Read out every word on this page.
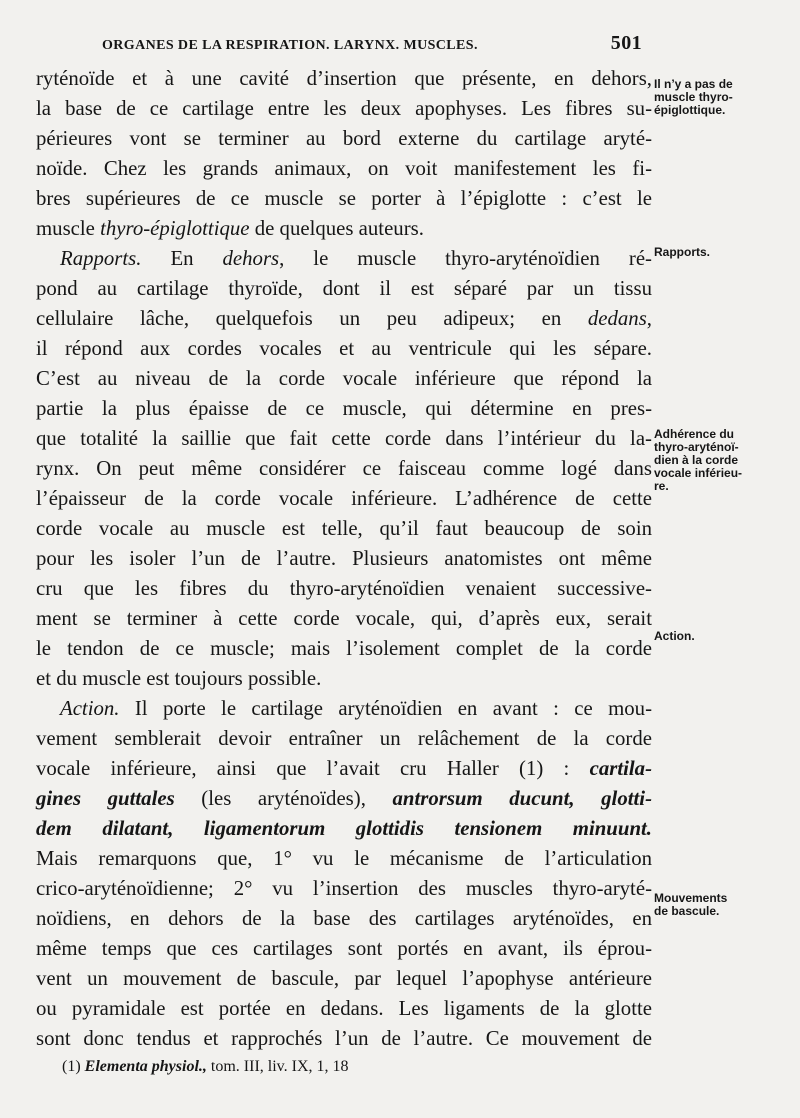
ORGANES DE LA RESPIRATION. LARYNX. MUSCLES.	501
ryténoïde et à une cavité d’insertion que présente, en dehors,
la base de ce cartilage entre les deux apophyses. Les fibres su-
périeures vont se terminer au bord externe du cartilage aryté-
noïde. Chez les grands animaux, on voit manifestement les fi-
bres supérieures de ce muscle se porter à l’épiglotte : c’est le
muscle thyro-épiglottique de quelques auteurs.
Rapports. En dehors, le muscle thyro-aryténoïdien ré-
pond au cartilage thyroïde, dont il est séparé par un tissu
cellulaire lâche, quelquefois un peu adipeux; en dedans,
il répond aux cordes vocales et au ventricule qui les sépare.
C’est au niveau de la corde vocale inférieure que répond la
partie la plus épaisse de ce muscle, qui détermine en pres-
que totalité la saillie que fait cette corde dans l’intérieur du la-
rynx. On peut même considérer ce faisceau comme logé dans
l’épaisseur de la corde vocale inférieure. L’adhérence de cette
corde vocale au muscle est telle, qu’il faut beaucoup de soin
pour les isoler l’un de l’autre. Plusieurs anatomistes ont même
cru que les fibres du thyro-aryténoïdien venaient successive-
ment se terminer à cette corde vocale, qui, d’après eux, serait
le tendon de ce muscle; mais l’isolement complet de la corde
et du muscle est toujours possible.
Action. Il porte le cartilage aryténoïdien en avant : ce mou-
vement semblerait devoir entraîner un relâchement de la corde
vocale inférieure, ainsi que l’avait cru Haller (1) : cartila-
gines guttales (les aryténoïdes), antrorsum ducunt, glotti-
dem dilatant, ligamentorum glottidis tensionem minuunt.
Mais remarquons que, 1° vu le mécanisme de l’articulation
crico-aryténoïdienne; 2° vu l’insertion des muscles thyro-aryté-
noïdiens, en dehors de la base des cartilages aryténoïdes, en
même temps que ces cartilages sont portés en avant, ils éprou-
vent un mouvement de bascule, par lequel l’apophyse antérieure
ou pyramidale est portée en dedans. Les ligaments de la glotte
sont donc tendus et rapprochés l’un de l’autre. Ce mouvement de
Il n’y a pas de
muscle thyro-
épiglottique.
Rapports.
Adhérence du
thyro-aryténoï-
dien à la corde
vocale inférieu-
re.
Action.
Mouvements
de bascule.
(1) Elementa physiol., tom. III, liv. IX, 1, 18
